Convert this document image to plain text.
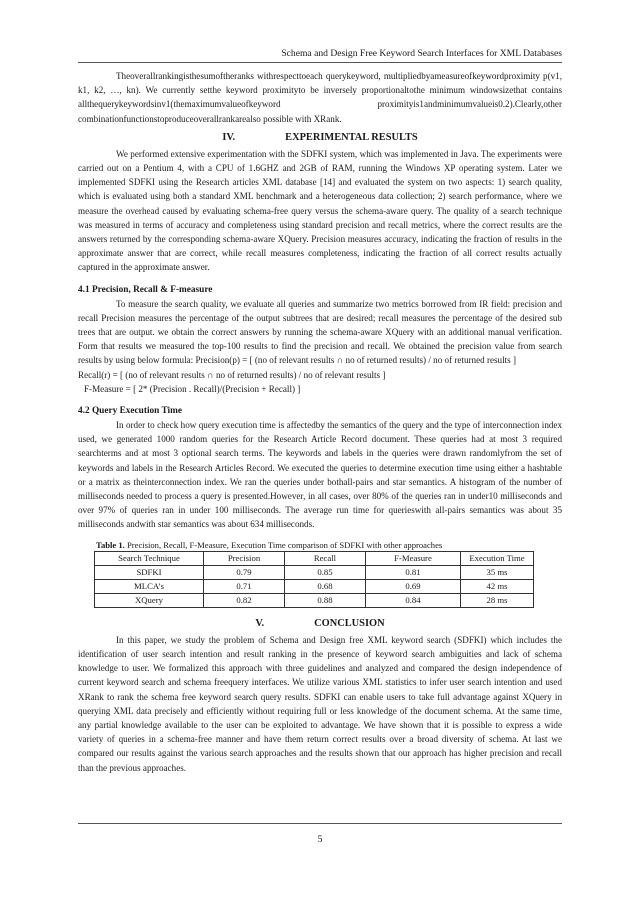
Schema and Design Free Keyword Search Interfaces for XML Databases

Theoverallrankingisthesumoftheranks withrespecttoeach querykeyword, multipliedbyameasureofkeywordproximity p(v1, k1, k2, …, kn). We currently setthe keyword proximityto be inversely proportionaltothe minimum windowsizethat contains allthequerykeywordsinv1(themaximumvalueofkeyword proximityis1andminimumvalueis0.2).Clearly,other combinationfunctionstoproduceoverallrankarealso possible with XRank.

IV.	EXPERIMENTAL RESULTS

We performed extensive experimentation with the SDFKI system, which was implemented in Java. The experiments were carried out on a Pentium 4, with a CPU of 1.6GHZ and 2GB of RAM, running the Windows XP operating system. Later we implemented SDFKI using the Research articles XML database [14] and evaluated the system on two aspects: 1) search quality, which is evaluated using both a standard XML benchmark and a heterogeneous data collection; 2) search performance, where we measure the overhead caused by evaluating schema-free query versus the schema-aware query. The quality of a search technique was measured in terms of accuracy and completeness using standard precision and recall metrics, where the correct results are the answers returned by the corresponding schema-aware XQuery. Precision measures accuracy, indicating the fraction of results in the approximate answer that are correct, while recall measures completeness, indicating the fraction of all correct results actually captured in the approximate answer.

4.1 Precision, Recall & F-measure

To measure the search quality, we evaluate all queries and summarize two metrics borrowed from IR field: precision and recall Precision measures the percentage of the output subtrees that are desired; recall measures the percentage of the desired sub trees that are output. we obtain the correct answers by running the schema-aware XQuery with an additional manual verification. Form that results we measured the top-100 results to find the precision and recall. We obtained the precision value from search results by using below formula: Precision(p) = [ (no of relevant results ∩ no of returned results) / no of returned results ]

Recall(r) = [ (no of relevant results ∩ no of returned results) / no of relevant results ]
F-Measure = [ 2* (Precision . Recall)/(Precision + Recall) ]
4.2 Query Execution Time

In order to check how query execution time is affectedby the semantics of the query and the type of interconnection index used, we generated 1000 random queries for the Research Article Record document. These queries had at most 3 required searchterms and at most 3 optional search terms. The keywords and labels in the queries were drawn randomlyfrom the set of keywords and labels in the Research Articles Record. We executed the queries to determine execution time using either a hashtable or a matrix as theinterconnection index. We ran the queries under bothall-pairs and star semantics. A histogram of the number of milliseconds needed to process a query is presented.However, in all cases, over 80% of the queries ran in under10 milliseconds and over 97% of queries ran in under 100 milliseconds. The average run time for querieswith all-pairs semantics was about 35 milliseconds andwith star semantics was about 634 milliseconds.

Table 1. Precision, Recall, F-Measure, Execution Time comparison of SDFKI with other approaches
Search Technique	Precision	Recall	F-Measure	Execution Time
SDFKI	0.79	0.85	0.81	35 ms
MLCA’s	0.71	0.68	0.69	42 ms
XQuery	0.82	0.88	0.84	28 ms
V.	CONCLUSION

In this paper, we study the problem of Schema and Design free XML keyword search (SDFKI) which includes the identification of user search intention and result ranking in the presence of keyword search ambiguities and lack of schema knowledge to user. We formalized this approach with three guidelines and analyzed and compared the design independence of current keyword search and schema freequery interfaces. We utilize various XML statistics to infer user search intention and used XRank to rank the schema free keyword search query results. SDFKI can enable users to take full advantage against XQuery in querying XML data precisely and efficiently without requiring full or less knowledge of the document schema. At the same time, any partial knowledge available to the user can be exploited to advantage. We have shown that it is possible to express a wide variety of queries in a schema-free manner and have them return correct results over a broad diversity of schema. At last we compared our results against the various search approaches and the results shown that our approach has higher precision and recall than the previous approaches.

5
